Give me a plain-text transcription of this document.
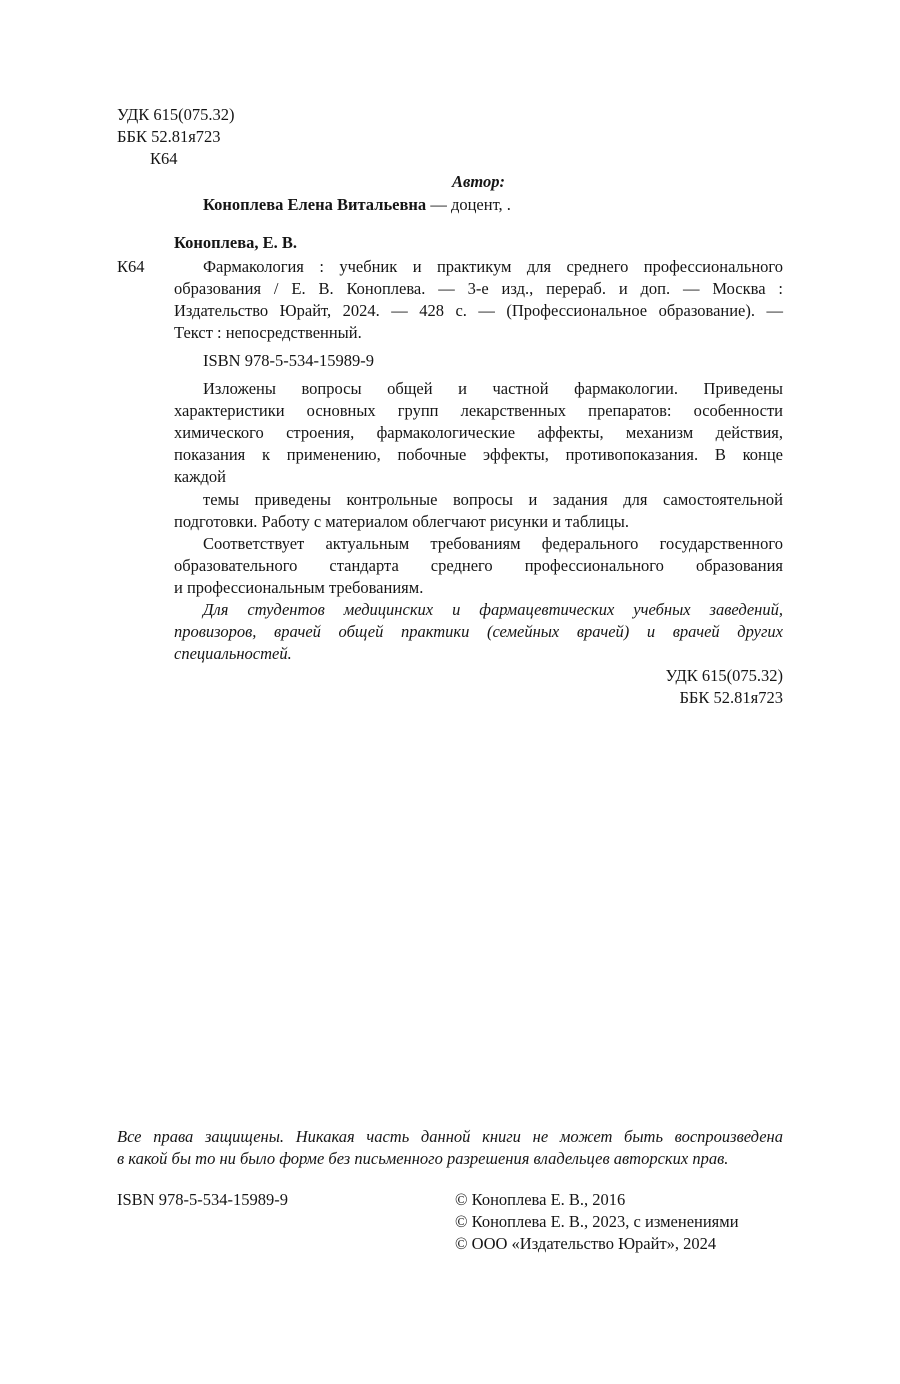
УДК 615(075.32)
ББК 52.81я723
К64
Автор:
Коноплева Елена Витальевна — доцент, .
Коноплева, Е. В.
К64	Фармакология : учебник и практикум для среднего профессионального
образования / Е. В. Коноплева. — 3-е изд., перераб. и доп. — Москва :
Издательство Юрайт, 2024. — 428 с. — (Профессиональное образование). —
Текст : непосредственный.
ISBN 978-5-534-15989-9
Изложены вопросы общей и частной фармакологии. Приведены
характеристики основных групп лекарственных препаратов: особенности
химического строения, фармакологические аффекты, механизм действия,
показания к применению, побочные эффекты, противопоказания. В конце
каждой
темы приведены контрольные вопросы и задания для самостоятельной
подготовки. Работу с материалом облегчают рисунки и таблицы.
Соответствует актуальным требованиям федерального государственного
образовательного стандарта среднего профессионального образования
и профессиональным требованиям.
Для студентов медицинских и фармацевтических учебных заведений,
провизоров, врачей общей практики (семейных врачей) и врачей других
специальностей.
УДК 615(075.32)
ББК 52.81я723
Все права защищены. Никакая часть данной книги не может быть воспроизведена
в какой бы то ни было форме без письменного разрешения владельцев авторских прав.
ISBN 978-5-534-15989-9	© Коноплева Е. В., 2016
© Коноплева Е. В., 2023, с изменениями
© ООО «Издательство Юрайт», 2024
